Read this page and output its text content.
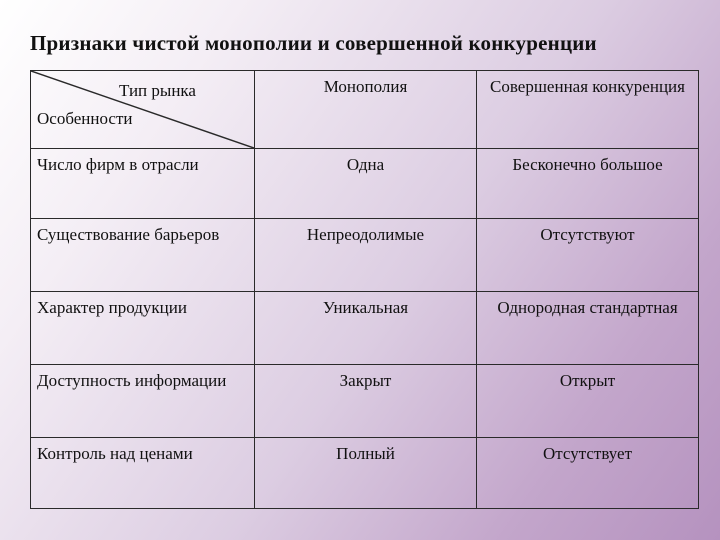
Признаки чистой монополии и совершенной конкуренции
Тип рынка
Особенности	Монополия	Совершенная конкуренция
Число фирм в отрасли	Одна	Бесконечно большое
Существование барьеров	Непреодолимые	Отсутствуют
Характер продукции	Уникальная	Однородная стандартная
Доступность информации	Закрыт	Открыт
Контроль над ценами	Полный	Отсутствует
